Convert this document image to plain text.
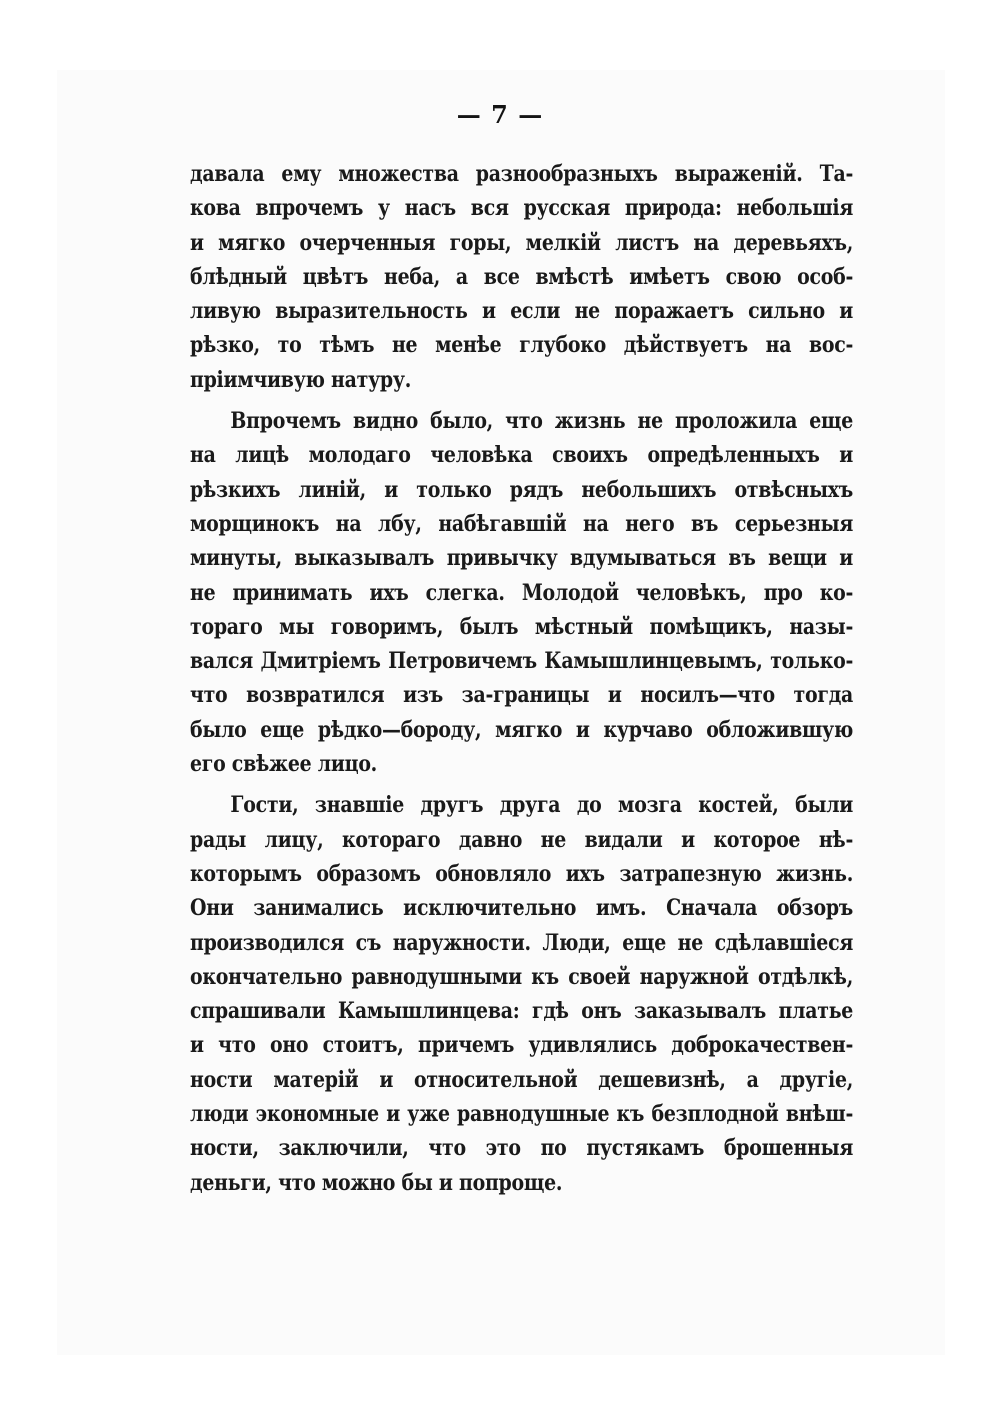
— 7 —
давала ему множества разнообразныхъ выраженій. Та-
кова впрочемъ у насъ вся русская природа: небольшія
и мягко очерченныя горы, мелкій листъ на деревьяхъ,
блѣдный цвѣтъ неба, а все вмѣстѣ имѣетъ свою особ-
ливую выразительность и если не поражаетъ сильно и
рѣзко, то тѣмъ не менѣе глубоко дѣйствуетъ на вос-
пріимчивую натуру.
Впрочемъ видно было, что жизнь не проложила еще
на лицѣ молодаго человѣка своихъ опредѣленныхъ и
рѣзкихъ линій, и только рядъ небольшихъ отвѣсныхъ
морщинокъ на лбу, набѣгавшій на него въ серьезныя
минуты, выказывалъ привычку вдумываться въ вещи и
не принимать ихъ слегка. Молодой человѣкъ, про ко-
тораго мы говоримъ, былъ мѣстный помѣщикъ, назы-
вался Дмитріемъ Петровичемъ Камышлинцевымъ, только-
что возвратился изъ за-границы и носилъ—что тогда
было еще рѣдко—бороду, мягко и курчаво обложившую
его свѣжее лицо.
Гости, знавшіе другъ друга до мозга костей, были
рады лицу, котораго давно не видали и которое нѣ-
которымъ образомъ обновляло ихъ затрапезную жизнь.
Они занимались исключительно имъ. Сначала обзоръ
производился съ наружности. Люди, еще не сдѣлавшіеся
окончательно равнодушными къ своей наружной отдѣлкѣ,
спрашивали Камышлинцева: гдѣ онъ заказывалъ платье
и что оно стоитъ, причемъ удивлялись доброкачествен-
ности матерій и относительной дешевизнѣ, а другіе,
люди экономные и уже равнодушные къ безплодной внѣш-
ности, заключили, что это по пустякамъ брошенныя
деньги, что можно бы и попроще.
